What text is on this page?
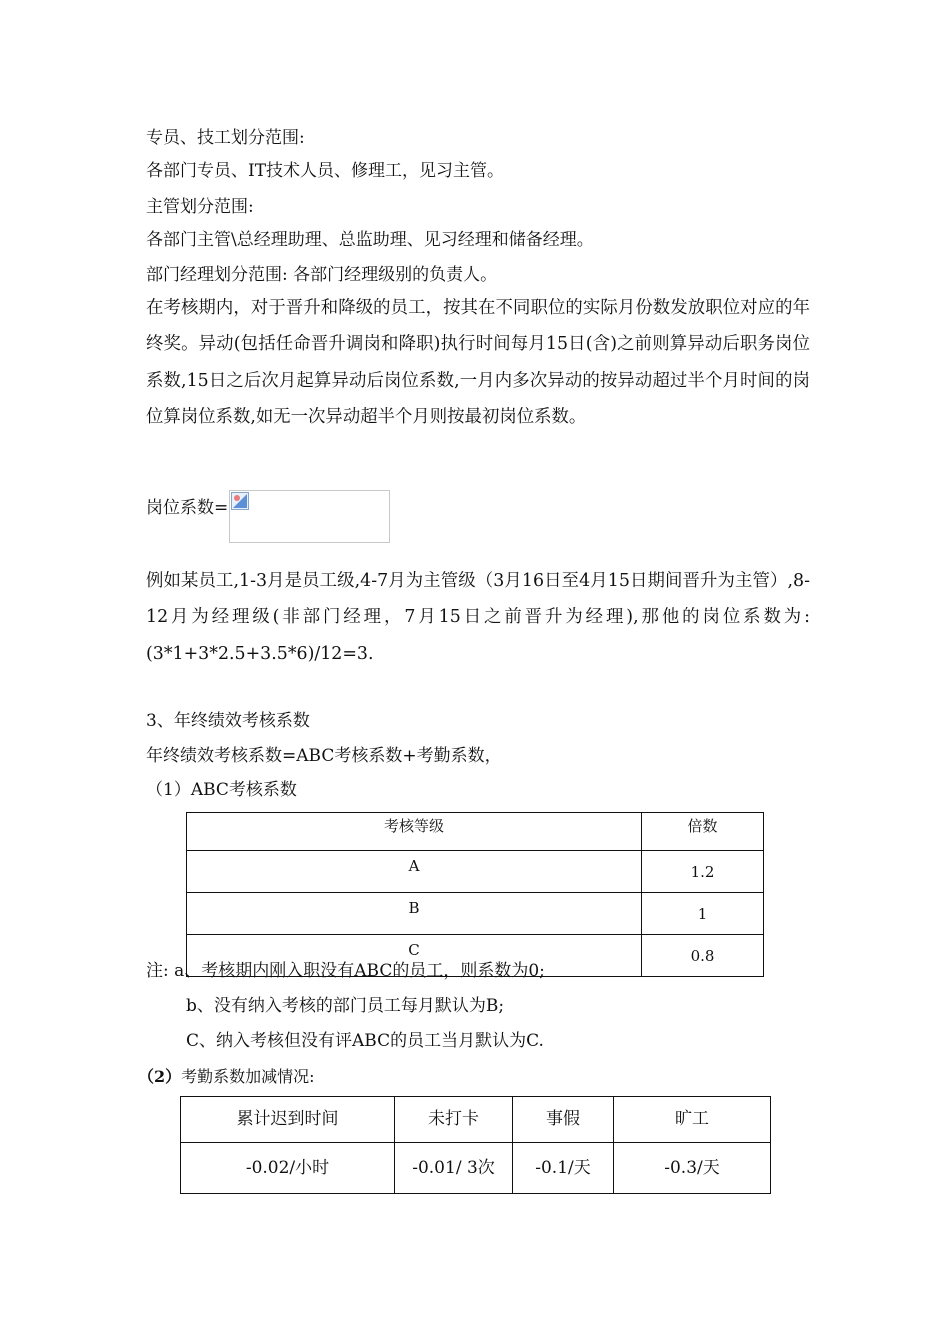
专员、技工划分范围:
各部门专员、IT技术人员、修理工，见习主管。
主管划分范围:
各部门主管\总经理助理、总监助理、见习经理和储备经理。
部门经理划分范围: 各部门经理级别的负责人。
在考核期内，对于晋升和降级的员工，按其在不同职位的实际月份数发放职位对应的年终奖。异动(包括任命晋升调岗和降职)执行时间每月15日(含)之前则算异动后职务岗位系数,15日之后次月起算异动后岗位系数,一月内多次异动的按异动超过半个月时间的岗位算岗位系数,如无一次异动超半个月则按最初岗位系数。
岗位系数=
例如某员工,1-3月是员工级,4-7月为主管级（3月16日至4月15日期间晋升为主管）,8-12月为经理级(非部门经理，7月15日之前晋升为经理),那他的岗位系数为:(3*1+3*2.5+3.5*6)/12=3.
3、年终绩效考核系数
年终绩效考核系数=ABC考核系数+考勤系数，
（1）ABC考核系数
考核等级	倍数
A	1.2
B	1
C	0.8
注: a、考核期内刚入职没有ABC的员工，则系数为0;
b、没有纳入考核的部门员工每月默认为B;
C、纳入考核但没有评ABC的员工当月默认为C.
（2）考勤系数加减情况:
累计迟到时间	未打卡	事假	旷工
-0.02/小时	-0.01/ 3次	-0.1/天	-0.3/天
